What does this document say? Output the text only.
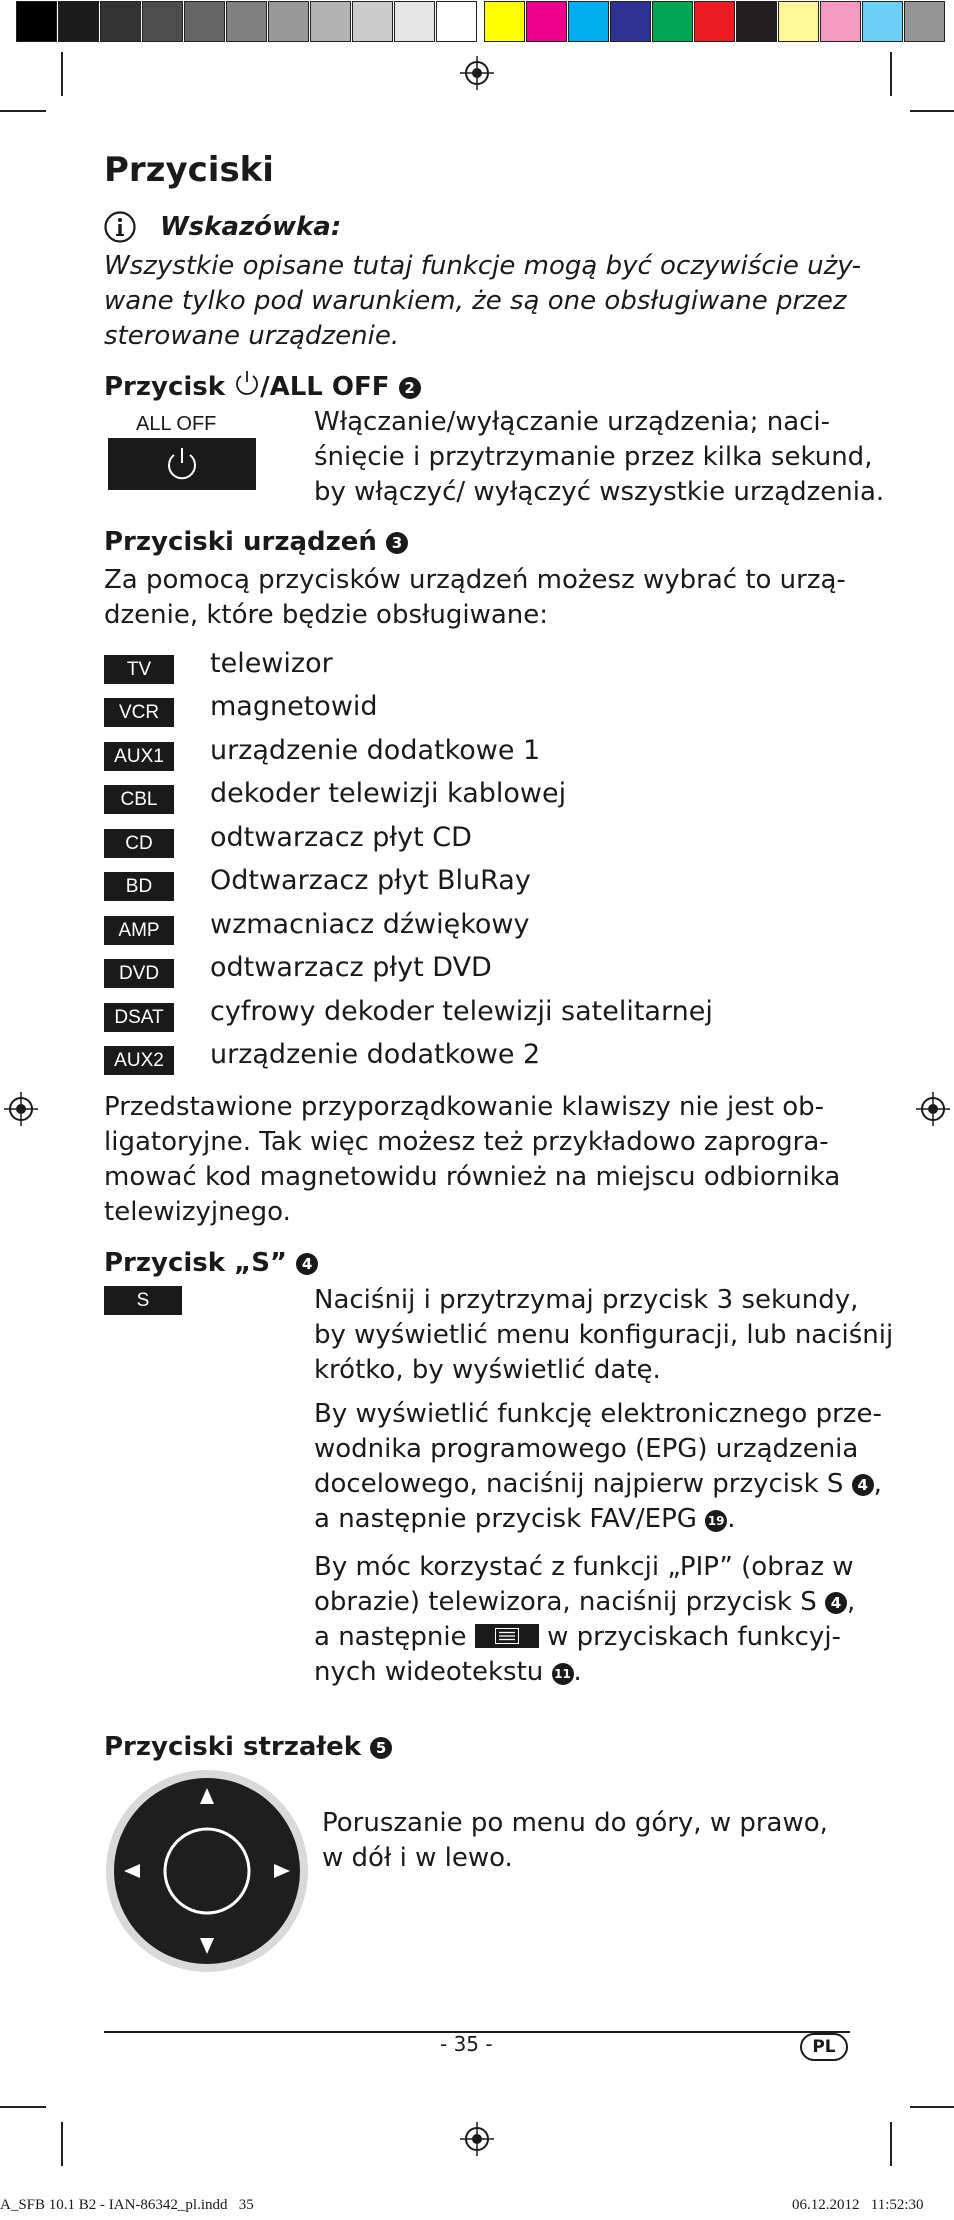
Przyciski
Wskazówka:
Wszystkie opisane tutaj funkcje mogą być oczywiście uży-
wane tylko pod warunkiem, że są one obsługiwane przez
sterowane urządzenie.
Przycisk /ALL OFF 2
ALL OFF	Włączanie/wyłączanie urządzenia; naci-
śnięcie i przytrzymanie przez kilka sekund,
by włączyć/ wyłączyć wszystkie urządzenia.
Przyciski urządzeń 3
Za pomocą przycisków urządzeń możesz wybrać to urzą-
dzenie, które będzie obsługiwane:
TV	telewizor
VCR	magnetowid
AUX1	urządzenie dodatkowe 1
CBL	dekoder telewizji kablowej
CD	odtwarzacz płyt CD
BD	Odtwarzacz płyt BluRay
AMP	wzmacniacz dźwiękowy
DVD	odtwarzacz płyt DVD
DSAT	cyfrowy dekoder telewizji satelitarnej
AUX2	urządzenie dodatkowe 2
Przedstawione przyporządkowanie klawiszy nie jest ob-
ligatoryjne. Tak więc możesz też przykładowo zaprogra-
mować kod magnetowidu również na miejscu odbiornika
telewizyjnego.
Przycisk „S” 4
S	Naciśnij i przytrzymaj przycisk 3 sekundy,
by wyświetlić menu konfiguracji, lub naciśnij
krótko, by wyświetlić datę.
By wyświetlić funkcję elektronicznego prze-
wodnika programowego (EPG) urządzenia
docelowego, naciśnij najpierw przycisk S 4 ,
a następnie przycisk FAV/EPG 19 .
By móc korzystać z funkcji „PIP” (obraz w
obrazie) telewizora, naciśnij przycisk S 4 ,
a następnie	w przyciskach funkcyj-
nych wideotekstu 11 .
Przyciski strzałek 5
Poruszanie po menu do góry, w prawo,
w dół i w lewo.
- 35 -	PL
A_SFB 10.1 B2 - IAN-86342_pl.indd   35	06.12.2012   11:52:30
